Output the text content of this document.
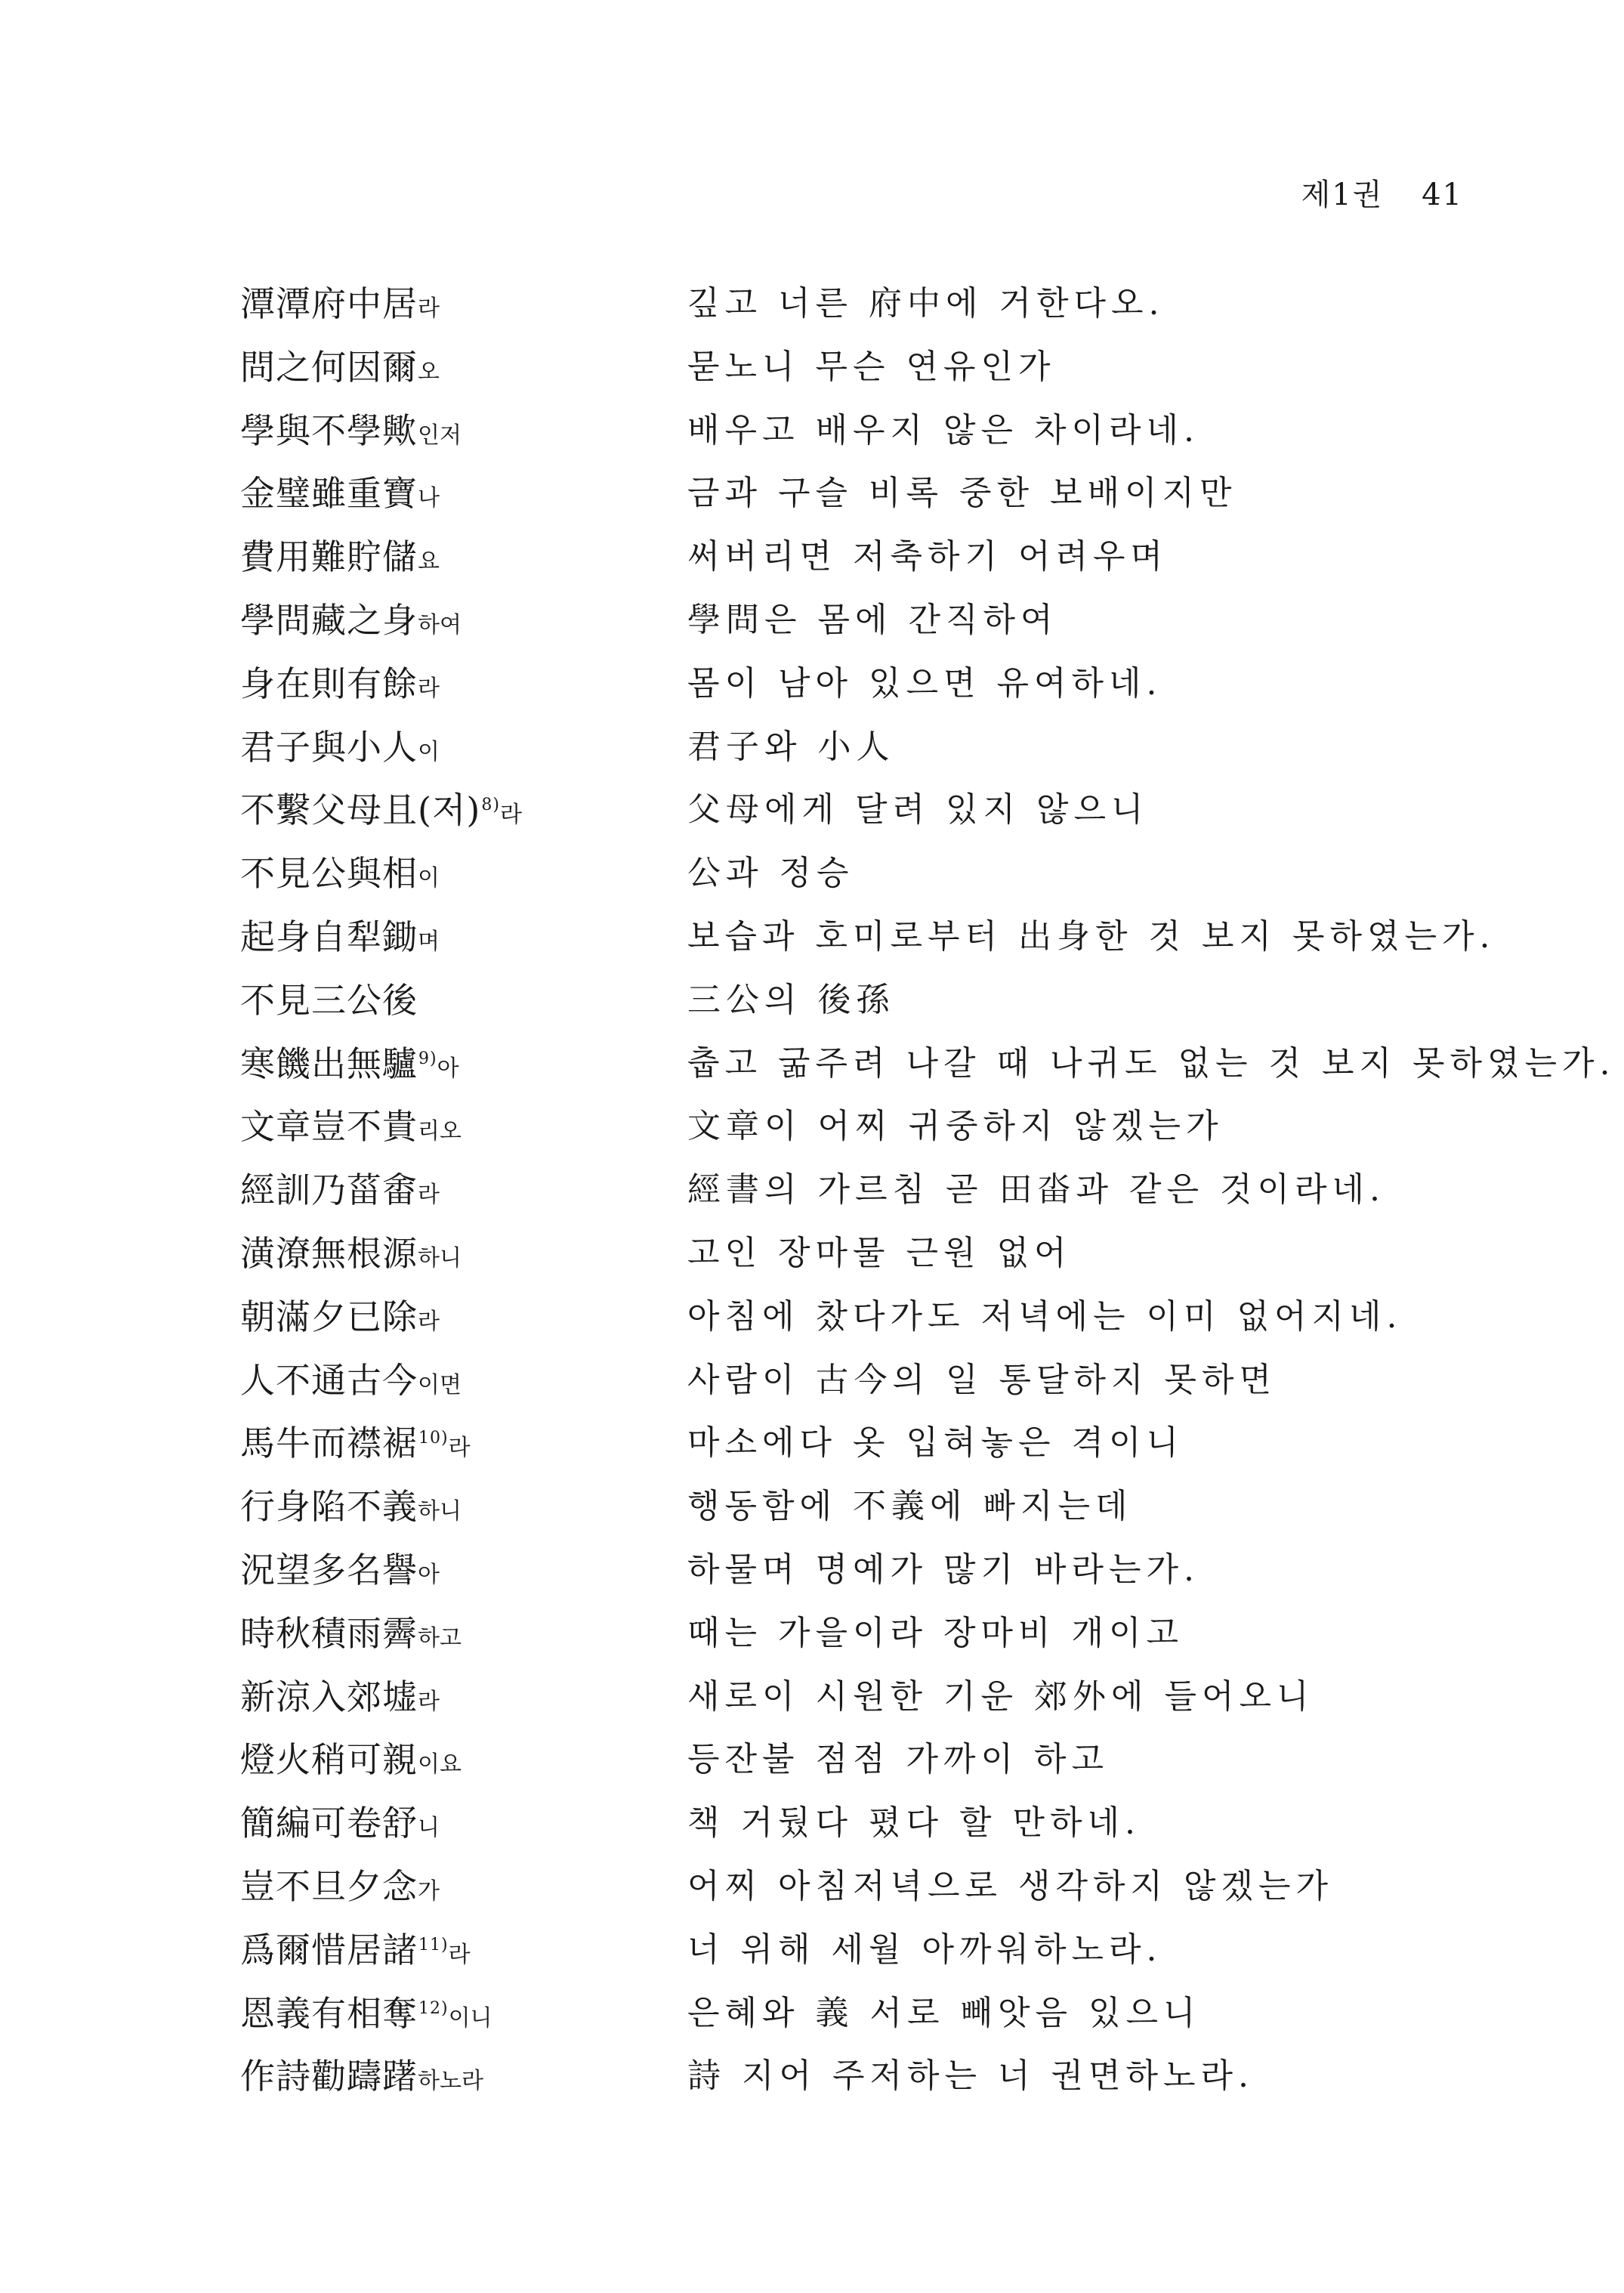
제1권 41
潭潭府中居라	깊고 너른 府中에 거한다오.
問之何因爾오	묻노니 무슨 연유인가
學與不學歟인저	배우고 배우지 않은 차이라네.
金璧雖重寶나	금과 구슬 비록 중한 보배이지만
費用難貯儲요	써버리면 저축하기 어려우며
學問藏之身하여	學問은 몸에 간직하여
身在則有餘라	몸이 남아 있으면 유여하네.
君子與小人이	君子와 小人
不繫父母且(저)$^{8)}$라	父母에게 달려 있지 않으니
不見公與相이	公과 정승
起身自犁鋤며	보습과 호미로부터 出身한 것 보지 못하였는가.
不見三公後	三公의 後孫
寒饑出無驢$^{9)}$아	춥고 굶주려 나갈 때 나귀도 없는 것 보지 못하였는가.
文章豈不貴리오	文章이 어찌 귀중하지 않겠는가
經訓乃菑畬라	經書의 가르침 곧 田畓과 같은 것이라네.
潢潦無根源하니	고인 장마물 근원 없어
朝滿夕已除라	아침에 찼다가도 저녁에는 이미 없어지네.
人不通古今이면	사람이 古今의 일 통달하지 못하면
馬牛而襟裾$^{10)}$라	마소에다 옷 입혀놓은 격이니
行身陷不義하니	행동함에 不義에 빠지는데
況望多名譽아	하물며 명예가 많기 바라는가.
時秋積雨霽하고	때는 가을이라 장마비 개이고
新涼入郊墟라	새로이 시원한 기운 郊外에 들어오니
燈火稍可親이요	등잔불 점점 가까이 하고
簡編可卷舒니	책 거뒀다 폈다 할 만하네.
豈不旦夕念가	어찌 아침저녁으로 생각하지 않겠는가
爲爾惜居諸$^{11)}$라	너 위해 세월 아까워하노라.
恩義有相奪$^{12)}$이니	은혜와 義 서로 빼앗음 있으니
作詩勸躊躇하노라	詩 지어 주저하는 너 권면하노라.
